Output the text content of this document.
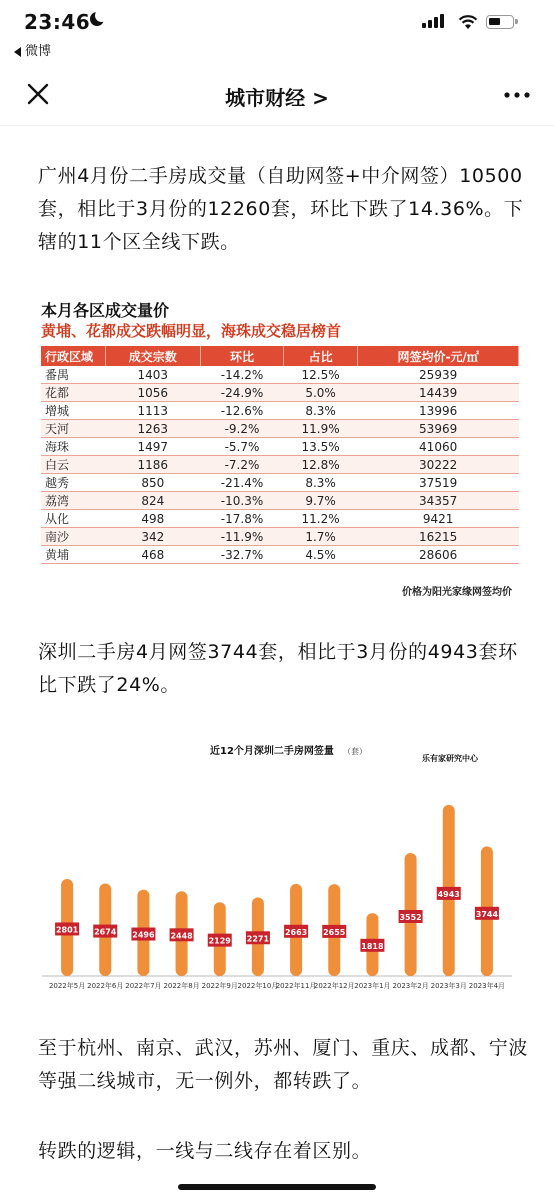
23:46
微博
城市财经 >

广州4月份二手房成交量（自助网签+中介网签）10500套，相比于3月份的12260套，环比下跌了14.36%。下辖的11个区全线下跌。

本月各区成交量价
黄埔、花都成交跌幅明显，海珠成交稳居榜首
行政区域	成交宗数	环比	占比	网签均价-元/㎡
番禺	1403	-14.2%	12.5%	25939
花都	1056	-24.9%	5.0%	14439
增城	1113	-12.6%	8.3%	13996
天河	1263	-9.2%	11.9%	53969
海珠	1497	-5.7%	13.5%	41060
白云	1186	-7.2%	12.8%	30222
越秀	850	-21.4%	8.3%	37519
荔湾	824	-10.3%	9.7%	34357
从化	498	-17.8%	11.2%	9421
南沙	342	-11.9%	1.7%	16215
黄埔	468	-32.7%	4.5%	28606
价格为阳光家缘网签均价

深圳二手房4月网签3744套，相比于3月份的4943套环比下跌了24%。

近12个月深圳二手房网签量 （套）
乐有家研究中心
2801
2022年5月
2674
2022年6月
2496
2022年7月
2448
2022年8月
2129
2022年9月
2271
2022年10月
2663
2022年11月
2655
2022年12月
1818
2023年1月
3552
2023年2月
4943
2023年3月
3744
2023年4月

至于杭州、南京、武汉，苏州、厦门、重庆、成都、宁波等强二线城市，无一例外，都转跌了。

转跌的逻辑，一线与二线存在着区别。
